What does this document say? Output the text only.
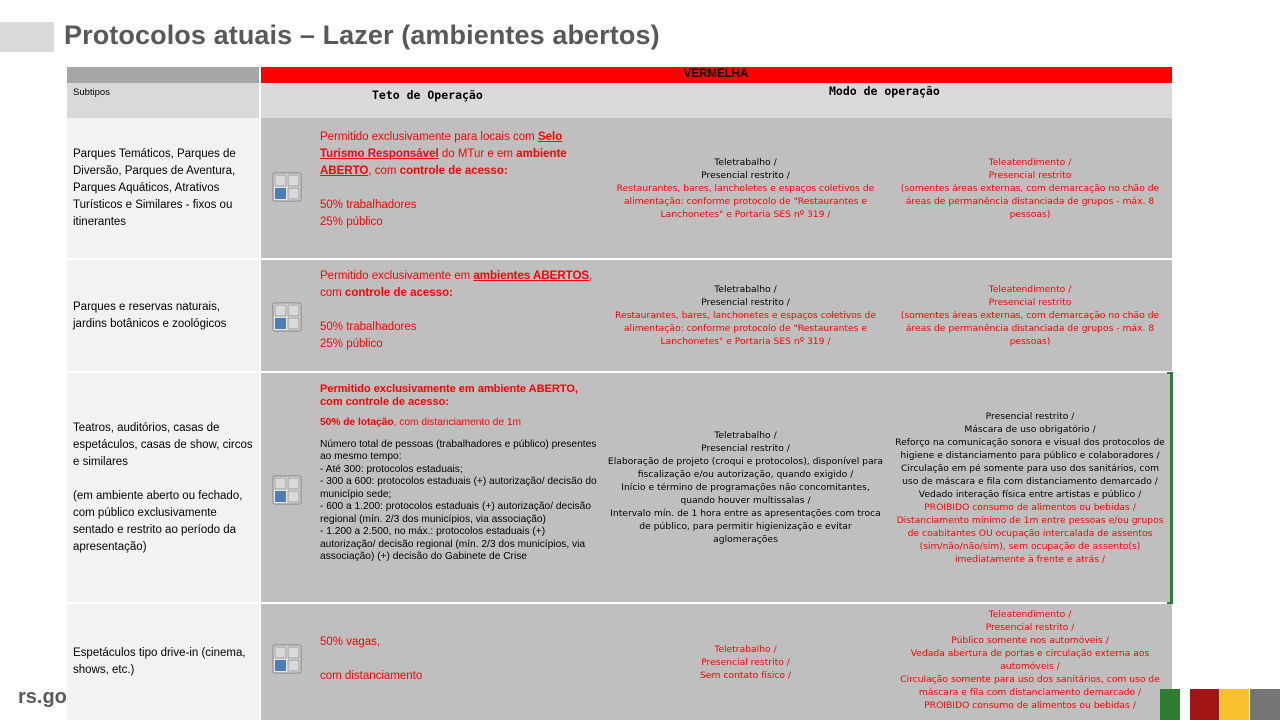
Protocolos atuais – Lazer (ambientes abertos)
VERMELHA
Subtipos	Teto de Operação	Modo de operação
Parques Temáticos, Parques de Diversão, Parques de Aventura, Parques Aquáticos, Atrativos Turísticos e Similares - fixos ou itinerantes
Permitido exclusivamente para locais com Selo Turismo Responsável do MTur e em ambiente ABERTO, com controle de acesso:
50% trabalhadores
25% público
Teletrabalho /
Presencial restrito /
Restaurantes, bares, lancholetes e espaços coletivos de alimentação: conforme protocolo de "Restaurantes e Lanchonetes" e Portaria SES nº 319 /
Teleatendimento /
Presencial restrito
(somentes áreas externas, com demarcação no chão de áreas de permanência distanciada de grupos - máx. 8 pessoas)
Parques e reservas naturais, jardins botânicos e zoológicos
Permitido exclusivamente em ambientes ABERTOS, com controle de acesso:
50% trabalhadores
25% público
Teletrabalho /
Presencial restrito /
Restaurantes, bares, lanchonetes e espaços coletivos de alimentação: conforme protocolo de "Restaurantes e Lanchonetes" e Portaria SES nº 319 /
Teleatendimento /
Presencial restrito
(somentes áreas externas, com demarcação no chão de áreas de permanência distanciada de grupos - máx. 8 pessoas)
Teatros, auditórios, casas de espetáculos, casas de show, circos e similares
(em ambiente aberto ou fechado, com público exclusivamente sentado e restrito ao período da apresentação)
Permitido exclusivamente em ambiente ABERTO, com controle de acesso:
50% de lotação, com distanciamento de 1m
Número total de pessoas (trabalhadores e público) presentes ao mesmo tempo:
- Até 300: protocolos estaduais;
- 300 a 600: protocolos estaduais (+) autorização/ decisão do município sede;
- 600 a 1.200: protocolos estaduais (+) autorização/ decisão regional (mín. 2/3 dos municípios, via associação)
- 1.200 a 2.500, no máx.: protocolos estaduais (+) autorização/ decisão regional (mín. 2/3 dos municípios, via associação) (+) decisão do Gabinete de Crise
Teletrabalho /
Presencial restrito /
Elaboração de projeto (croqui e protocolos), disponível para fiscalização e/ou autorização, quando exigido /
Início e término de programações não concomitantes, quando houver multissalas /
Intervalo mín. de 1 hora entre as apresentações com troca de público, para permitir higienização e evitar aglomerações
Presencial restrito /
Máscara de uso obrigatório /
Reforço na comunicação sonora e visual dos protocolos de higiene e distanciamento para público e colaboradores /
Circulação em pé somente para uso dos sanitários, com uso de máscara e fila com distanciamento demarcado /
Vedado interação física entre artistas e público /
PROIBIDO consumo de alimentos ou bebidas /
Distanciamento mínimo de 1m entre pessoas e/ou grupos de coabitantes OU ocupação intercalada de assentos (sim/não/não/sim), sem ocupação de assento(s) imediatamente à frente e atrás /
Espetáculos tipo drive-in (cinema, shows, etc.)
50% vagas,
com distanciamento
Teletrabalho /
Presencial restrito /
Sem contato físico /
Teleatendimento /
Presencial restrito /
Público somente nos automóveis /
Vedada abertura de portas e circulação externa aos automóveis /
Circulação somente para uso dos sanitários, com uso de máscara e fila com distanciamento demarcado /
PROIBIDO consumo de alimentos ou bebidas /
rs.go
